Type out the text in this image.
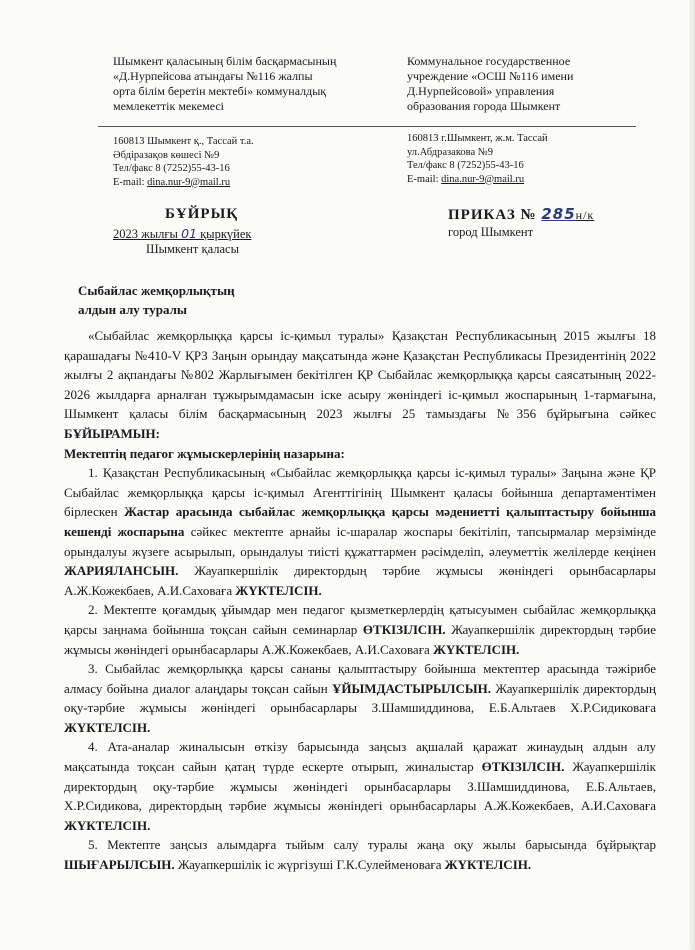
Шымкент қаласының білім басқармасының
«Д.Нурпейсова атындағы №116 жалпы
орта білім беретін мектебі» коммуналдық
мемлекеттік мекемесі
Коммунальное государственное
учреждение «ОСШ №116 имени
Д.Нурпейсовой» управления
образования города Шымкент
160813 Шымкент қ., Тассай т.а.
Әбдіразақов көшесі №9
Тел/факс 8 (7252)55-43-16
E-mail: dina.nur-9@mail.ru
160813 г.Шымкент, ж.м. Тассай
ул.Абдразакова №9
Тел/факс 8 (7252)55-43-16
E-mail: dina.nur-9@mail.ru
БҰЙРЫҚ
2023 жылғы 01 қыркүйек
Шымкент қаласы
ПРИКАЗ № 285н/к
город Шымкент
Сыбайлас жемқорлықтың
алдын алу туралы

«Сыбайлас жемқорлыққа қарсы іс-қимыл туралы» Қазақстан Республикасының 2015 жылғы 18 қарашадағы №410-V ҚРЗ Заңын орындау мақсатында және Қазақстан Республикасы Президентінің 2022 жылғы 2 ақпандағы №802 Жарлығымен бекітілген ҚР Сыбайлас жемқорлыққа қарсы саясатының 2022-2026 жылдарға арналған тұжырымдамасын іске асыру жөніндегі іс-қимыл жоспарының 1-тармағына, Шымкент қаласы білім басқармасының 2023 жылғы 25 тамыздағы №356 бұйрығына сәйкес БҰЙЫРАМЫН:

Мектептің педагог жұмыскерлерінің назарына:

1. Қазақстан Республикасының «Сыбайлас жемқорлыққа қарсы іс-қимыл туралы» Заңына және ҚР Сыбайлас жемқорлыққа қарсы іс-қимыл Агенттігінің Шымкент қаласы бойынша департаментімен бірлескен Жастар арасында сыбайлас жемқорлыққа қарсы мәдениетті қалыптастыру бойынша кешенді жоспарына сәйкес мектепте арнайы іс-шаралар жоспары бекітіліп, тапсырмалар мерзімінде орындалуы жүзеге асырылып, орындалуы тиісті құжаттармен рәсімделіп, әлеуметтік желілерде кеңінен ЖАРИЯЛАНСЫН. Жауапкершілік директордың тәрбие жұмысы жөніндегі орынбасарлары А.Ж.Кожекбаев, А.И.Саховаға ЖҮКТЕЛСІН.

2. Мектепте қоғамдық ұйымдар мен педагог қызметкерлердің қатысуымен сыбайлас жемқорлыққа қарсы заңнама бойынша тоқсан сайын семинарлар ӨТКІЗІЛСІН. Жауапкершілік директордың тәрбие жұмысы жөніндегі орынбасарлары А.Ж.Кожекбаев, А.И.Саховаға ЖҮКТЕЛСІН.

3. Сыбайлас жемқорлыққа қарсы сананы қалыптастыру бойынша мектептер арасында тәжірибе алмасу бойына диалог алаңдары тоқсан сайын ҰЙЫМДАСТЫРЫЛСЫН. Жауапкершілік директордың оқу-тәрбие жұмысы жөніндегі орынбасарлары З.Шамшиддинова, Е.Б.Альтаев Х.Р.Сидиковаға ЖҮКТЕЛСІН.

4. Ата-аналар жиналысын өткізу барысында заңсыз ақшалай қаражат жинаудың алдын алу мақсатында тоқсан сайын қатаң түрде ескерте отырып, жиналыстар ӨТКІЗІЛСІН. Жауапкершілік директордың оқу-тәрбие жұмысы жөніндегі орынбасарлары З.Шамшиддинова, Е.Б.Альтаев, Х.Р.Сидикова, директордың тәрбие жұмысы жөніндегі орынбасарлары А.Ж.Кожекбаев, А.И.Саховаға ЖҮКТЕЛСІН.

5. Мектепте заңсыз алымдарға тыйым салу туралы жаңа оқу жылы барысында бұйрықтар ШЫҒАРЫЛСЫН. Жауапкершілік іс жүргізуші Г.К.Сулейменоваға ЖҮКТЕЛСІН.
